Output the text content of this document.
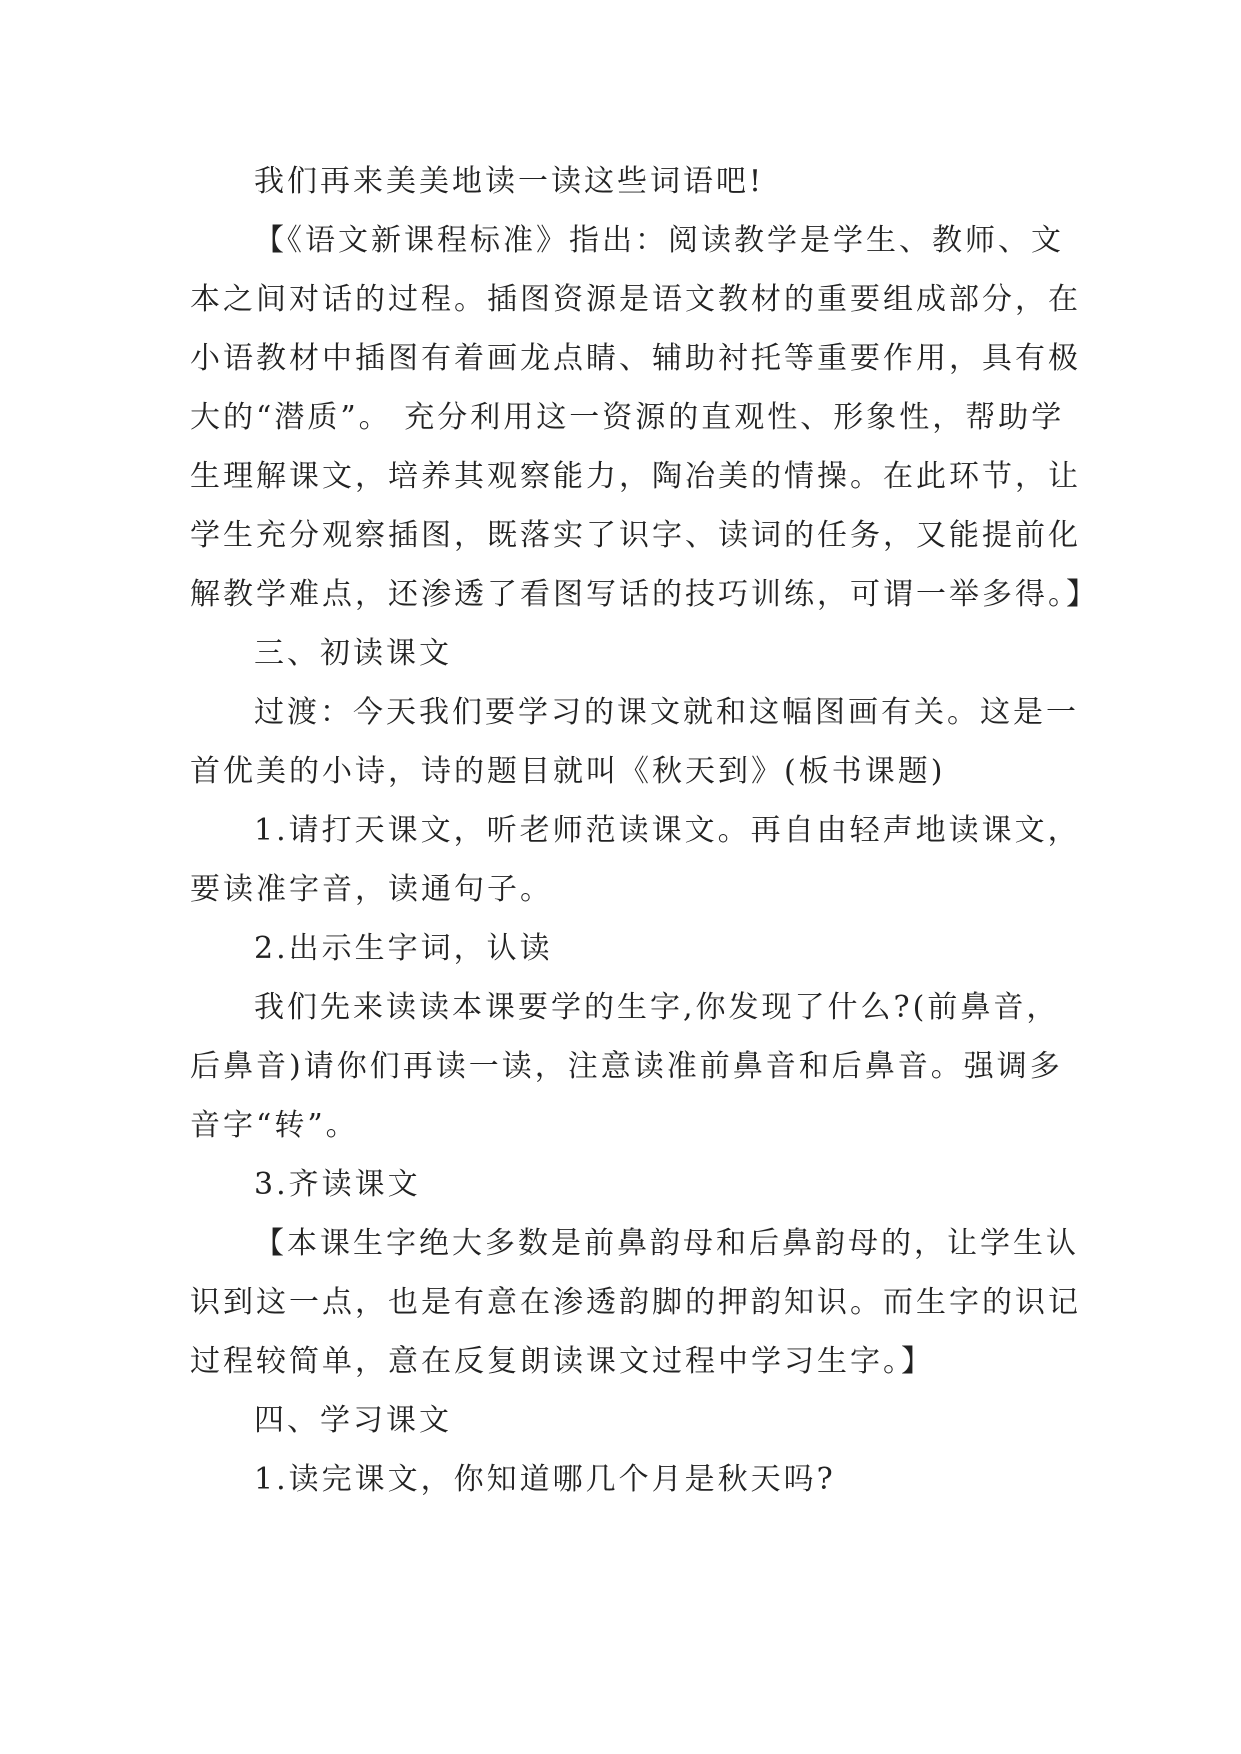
我们再来美美地读一读这些词语吧!

【《语文新课程标准》指出：阅读教学是学生、教师、文本之间对话的过程。插图资源是语文教材的重要组成部分，在小语教材中插图有着画龙点睛、辅助衬托等重要作用，具有极大的“潜质”。 充分利用这一资源的直观性、形象性，帮助学生理解课文，培养其观察能力，陶冶美的情操。在此环节，让学生充分观察插图，既落实了识字、读词的任务，又能提前化解教学难点，还渗透了看图写话的技巧训练，可谓一举多得。】

三、初读课文

过渡：今天我们要学习的课文就和这幅图画有关。这是一首优美的小诗，诗的题目就叫《秋天到》(板书课题)

1.请打天课文，听老师范读课文。再自由轻声地读课文，要读准字音，读通句子。

2.出示生字词，认读

我们先来读读本课要学的生字,你发现了什么?(前鼻音，后鼻音)请你们再读一读，注意读准前鼻音和后鼻音。强调多音字“转”。

3.齐读课文

【本课生字绝大多数是前鼻韵母和后鼻韵母的，让学生认识到这一点，也是有意在渗透韵脚的押韵知识。而生字的识记过程较简单，意在反复朗读课文过程中学习生字。】

四、学习课文

1.读完课文，你知道哪几个月是秋天吗?
